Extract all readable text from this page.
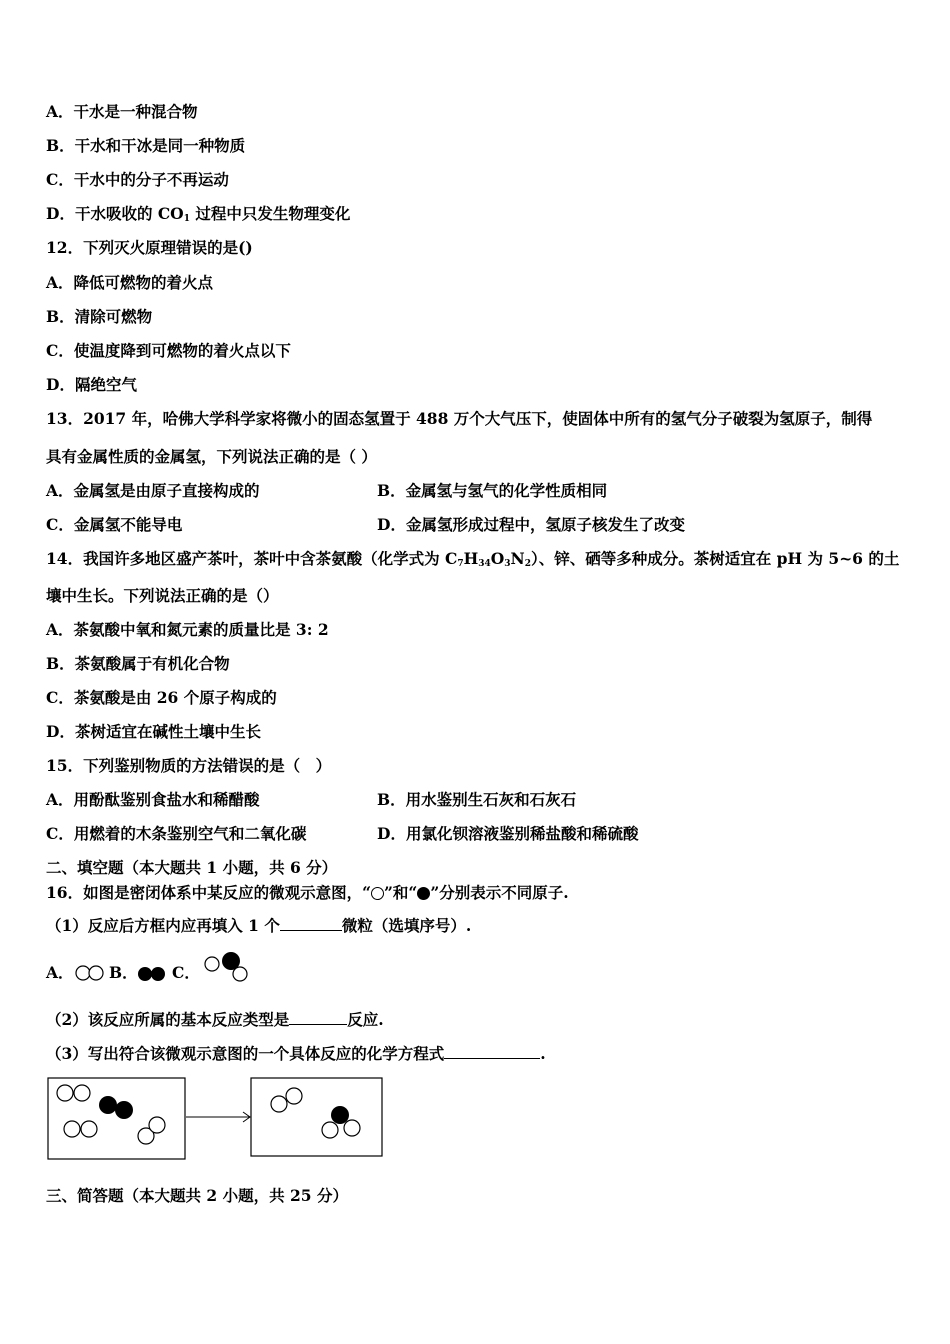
A．干水是一种混合物
B．干水和干冰是同一种物质
C．干水中的分子不再运动
D．干水吸收的 $CO_1$ 过程中只发生物理变化
12．下列灭火原理错误的是()
A．降低可燃物的着火点
B．清除可燃物
C．使温度降到可燃物的着火点以下
D．隔绝空气
13．2017 年，哈佛大学科学家将微小的固态氢置于 488 万个大气压下，使固体中所有的氢气分子破裂为氢原子，制得
具有金属性质的金属氢，下列说法正确的是（ ）
A．金属氢是由原子直接构成的	B．金属氢与氢气的化学性质相同
C．金属氢不能导电	D．金属氢形成过程中，氢原子核发生了改变
14．我国许多地区盛产茶叶，茶叶中含茶氨酸（化学式为 $C_7H_{34}O_3N_2$）、锌、硒等多种成分。茶树适宜在 pH 为 5~6 的土
壤中生长。下列说法正确的是（）
A．茶氨酸中氧和氮元素的质量比是 3: 2
B．茶氨酸属于有机化合物
C．茶氨酸是由 26 个原子构成的
D．茶树适宜在碱性土壤中生长
15．下列鉴别物质的方法错误的是（　）
A．用酚酞鉴别食盐水和稀醋酸	B．用水鉴别生石灰和石灰石
C．用燃着的木条鉴别空气和二氧化碳	D．用氯化钡溶液鉴别稀盐酸和稀硫酸
二、填空题（本大题共 1 小题，共 6 分）
16．如图是密闭体系中某反应的微观示意图，“ ”和“ ”分别表示不同原子.
（1）反应后方框内应再填入 1 个	微粒（选填序号）.
A． B． C．
（2）该反应所属的基本反应类型是	反应.
（3）写出符合该微观示意图的一个具体反应的化学方程式	.
三、简答题（本大题共 2 小题，共 25 分）
